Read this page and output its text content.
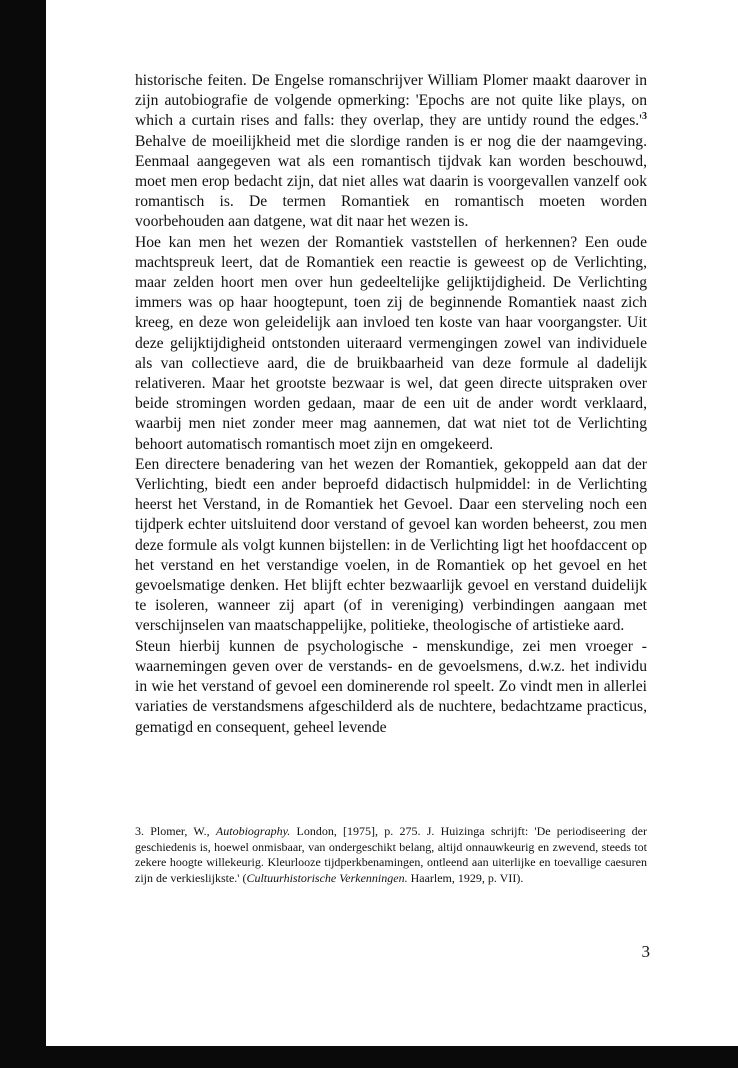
historische feiten. De Engelse romanschrijver William Plomer maakt daarover in zijn autobiografie de volgende opmerking: 'Epochs are not quite like plays, on which a curtain rises and falls: they overlap, they are untidy round the edges.'$^3$ Behalve de moeilijkheid met die slordige randen is er nog die der naamgeving. Eenmaal aangegeven wat als een romantisch tijdvak kan worden beschouwd, moet men erop bedacht zijn, dat niet alles wat daarin is voorgevallen vanzelf ook romantisch is. De termen Romantiek en romantisch moeten worden voorbehouden aan datgene, wat dit naar het wezen is.

Hoe kan men het wezen der Romantiek vaststellen of herkennen? Een oude machtspreuk leert, dat de Romantiek een reactie is geweest op de Verlichting, maar zelden hoort men over hun gedeeltelijke gelijktijdigheid. De Verlichting immers was op haar hoogtepunt, toen zij de beginnende Romantiek naast zich kreeg, en deze won geleidelijk aan invloed ten koste van haar voorgangster. Uit deze gelijktijdigheid ontstonden uiteraard vermengingen zowel van individuele als van collectieve aard, die de bruikbaarheid van deze formule al dadelijk relativeren. Maar het grootste bezwaar is wel, dat geen directe uitspraken over beide stromingen worden gedaan, maar de een uit de ander wordt verklaard, waarbij men niet zonder meer mag aannemen, dat wat niet tot de Verlichting behoort automatisch romantisch moet zijn en omgekeerd.

Een directere benadering van het wezen der Romantiek, gekoppeld aan dat der Verlichting, biedt een ander beproefd didactisch hulpmiddel: in de Verlichting heerst het Verstand, in de Romantiek het Gevoel. Daar een sterveling noch een tijdperk echter uitsluitend door verstand of gevoel kan worden beheerst, zou men deze formule als volgt kunnen bijstellen: in de Verlichting ligt het hoofdaccent op het verstand en het verstandige voelen, in de Romantiek op het gevoel en het gevoelsmatige denken. Het blijft echter bezwaarlijk gevoel en verstand duidelijk te isoleren, wanneer zij apart (of in vereniging) verbindingen aangaan met verschijnselen van maatschappelijke, politieke, theologische of artistieke aard.

Steun hierbij kunnen de psychologische - menskundige, zei men vroeger - waarnemingen geven over de verstands- en de gevoelsmens, d.w.z. het individu in wie het verstand of gevoel een dominerende rol speelt. Zo vindt men in allerlei variaties de verstandsmens afgeschilderd als de nuchtere, bedachtzame practicus, gematigd en consequent, geheel levende

3. Plomer, W., Autobiography. London, [1975], p. 275. J. Huizinga schrijft: 'De periodiseering der geschiedenis is, hoewel onmisbaar, van ondergeschikt belang, altijd onnauwkeurig en zwevend, steeds tot zekere hoogte willekeurig. Kleurlooze tijdperkbenamingen, ontleend aan uiterlijke en toevallige caesuren zijn de verkieslijkste.' (Cultuurhistorische Verkenningen. Haarlem, 1929, p. VII).

3
